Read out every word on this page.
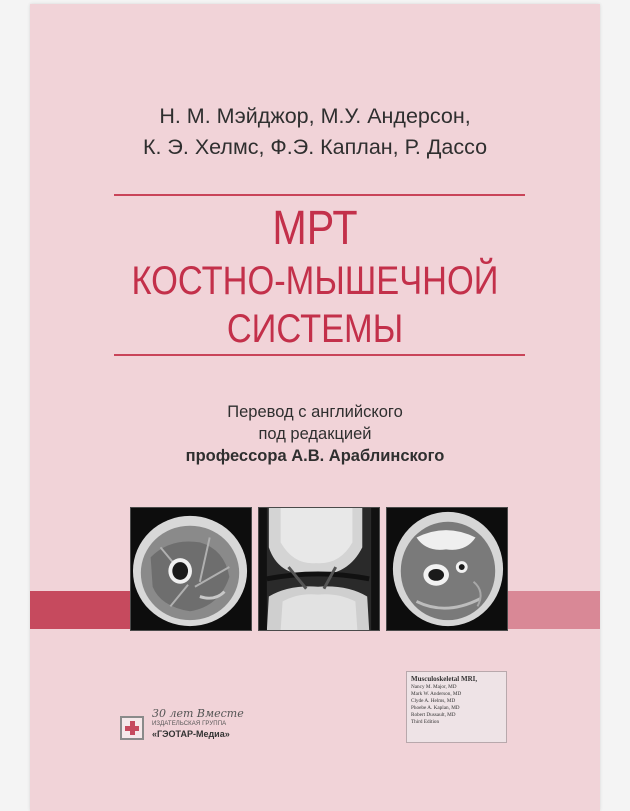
Н. М. Мэйджор, М.У. Андерсон,
К. Э. Хелмс, Ф.Э. Каплан, Р. Дассо
МРТ
КОСТНО-МЫШЕЧНОЙ
СИСТЕМЫ
Перевод с английского
под редакцией
профессора А.В. Араблинского
30 лет Вместе
ИЗДАТЕЛЬСКАЯ ГРУППА
«ГЭОТАР-Медиа»
Musculoskeletal MRI,
Nancy M. Major, MD
Mark W. Anderson, MD
Clyde A. Helms, MD
Phoebe A. Kaplan, MD
Robert Dussault, MD
Third Edition
